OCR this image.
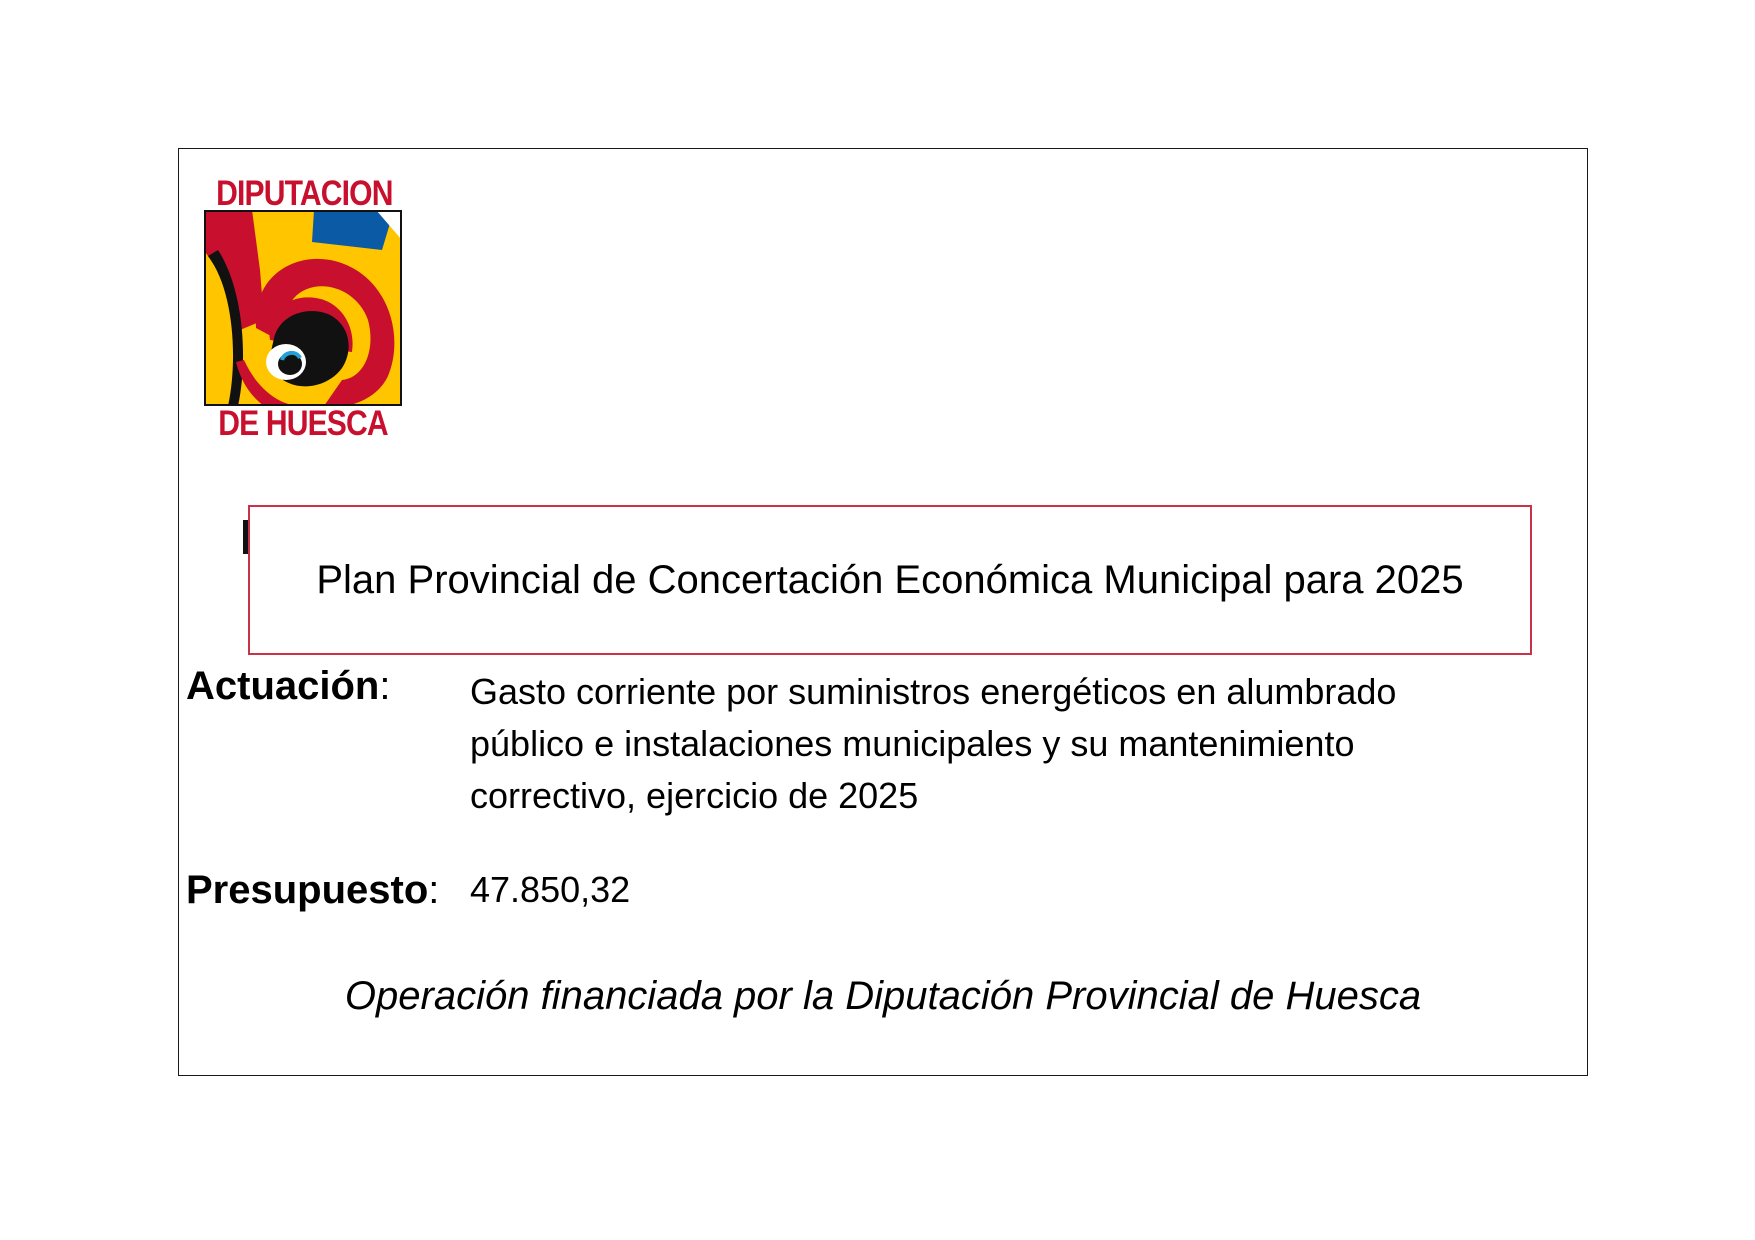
DIPUTACION
DE HUESCA
Plan Provincial de Concertación Económica Municipal para 2025
Actuación: Gasto corriente por suministros energéticos en alumbrado
público e instalaciones municipales y su mantenimiento
correctivo, ejercicio de 2025
Presupuesto: 47.850,32
Operación financiada por la Diputación Provincial de Huesca
